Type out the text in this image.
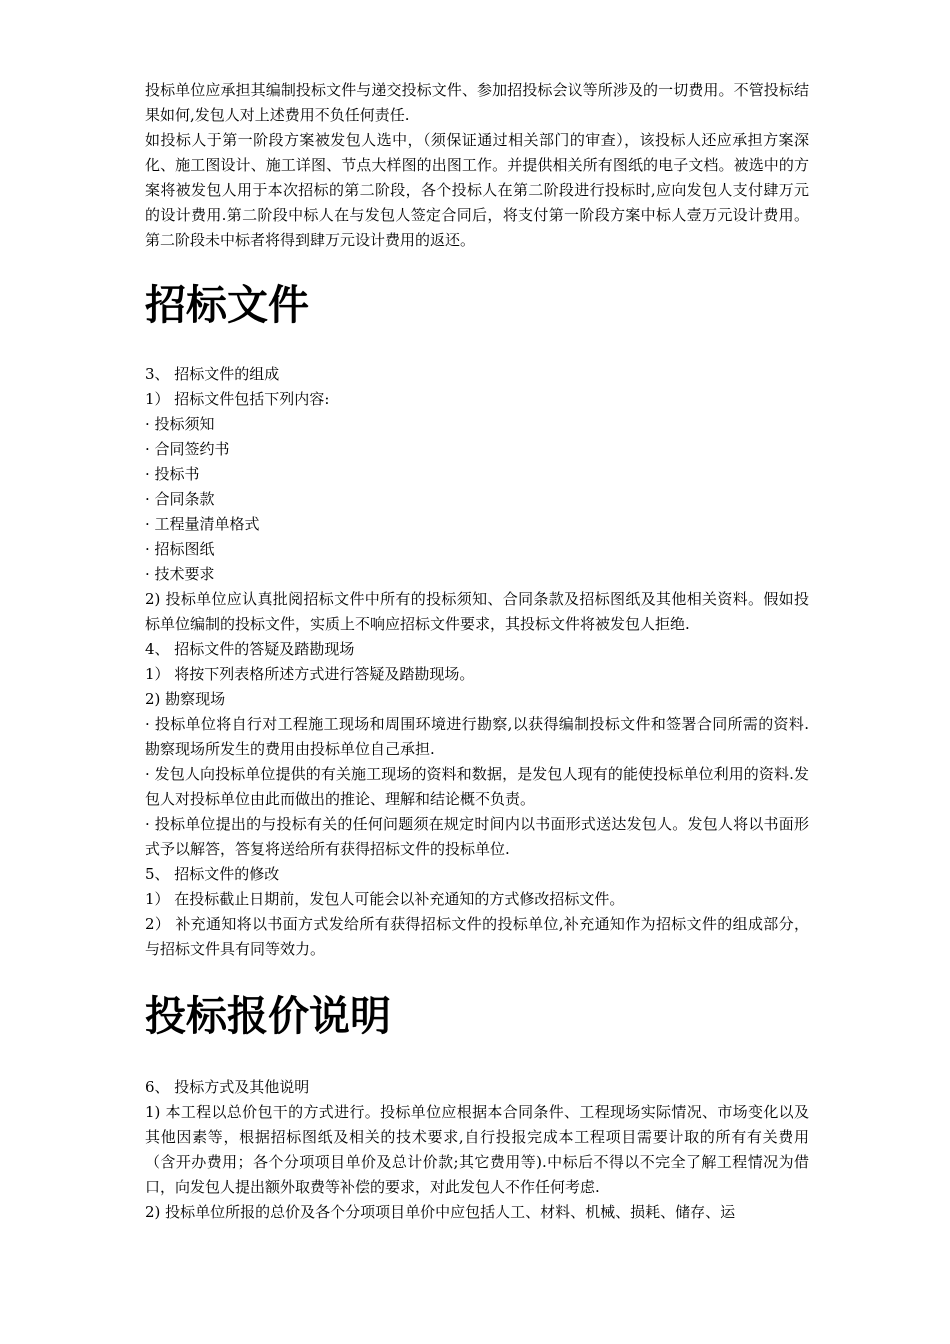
投标单位应承担其编制投标文件与递交投标文件、参加招投标会议等所涉及的一切费用。不管投标结果如何,发包人对上述费用不负任何责任.

如投标人于第一阶段方案被发包人选中，（须保证通过相关部门的审查），该投标人还应承担方案深化、施工图设计、施工详图、节点大样图的出图工作。并提供相关所有图纸的电子文档。被选中的方案将被发包人用于本次招标的第二阶段，各个投标人在第二阶段进行投标时,应向发包人支付肆万元的设计费用.第二阶段中标人在与发包人签定合同后，将支付第一阶段方案中标人壹万元设计费用。第二阶段未中标者将得到肆万元设计费用的返还。

招标文件

3、 招标文件的组成

1） 招标文件包括下列内容:

· 投标须知

· 合同签约书

· 投标书

· 合同条款

· 工程量清单格式

· 招标图纸

· 技术要求

2) 投标单位应认真批阅招标文件中所有的投标须知、合同条款及招标图纸及其他相关资料。假如投标单位编制的投标文件，实质上不响应招标文件要求，其投标文件将被发包人拒绝.

4、 招标文件的答疑及踏勘现场

1） 将按下列表格所述方式进行答疑及踏勘现场。

2) 勘察现场

· 投标单位将自行对工程施工现场和周围环境进行勘察,以获得编制投标文件和签署合同所需的资料.勘察现场所发生的费用由投标单位自己承担.

· 发包人向投标单位提供的有关施工现场的资料和数据，是发包人现有的能使投标单位利用的资料.发包人对投标单位由此而做出的推论、理解和结论概不负责。

· 投标单位提出的与投标有关的任何问题须在规定时间内以书面形式送达发包人。发包人将以书面形式予以解答，答复将送给所有获得招标文件的投标单位.

5、 招标文件的修改

1） 在投标截止日期前，发包人可能会以补充通知的方式修改招标文件。

2） 补充通知将以书面方式发给所有获得招标文件的投标单位,补充通知作为招标文件的组成部分，与招标文件具有同等效力。

投标报价说明

6、 投标方式及其他说明

1) 本工程以总价包干的方式进行。投标单位应根据本合同条件、工程现场实际情况、市场变化以及其他因素等，根据招标图纸及相关的技术要求,自行投报完成本工程项目需要计取的所有有关费用（含开办费用；各个分项项目单价及总计价款;其它费用等).中标后不得以不完全了解工程情况为借口，向发包人提出额外取费等补偿的要求，对此发包人不作任何考虑.

2) 投标单位所报的总价及各个分项项目单价中应包括人工、材料、机械、损耗、储存、运
